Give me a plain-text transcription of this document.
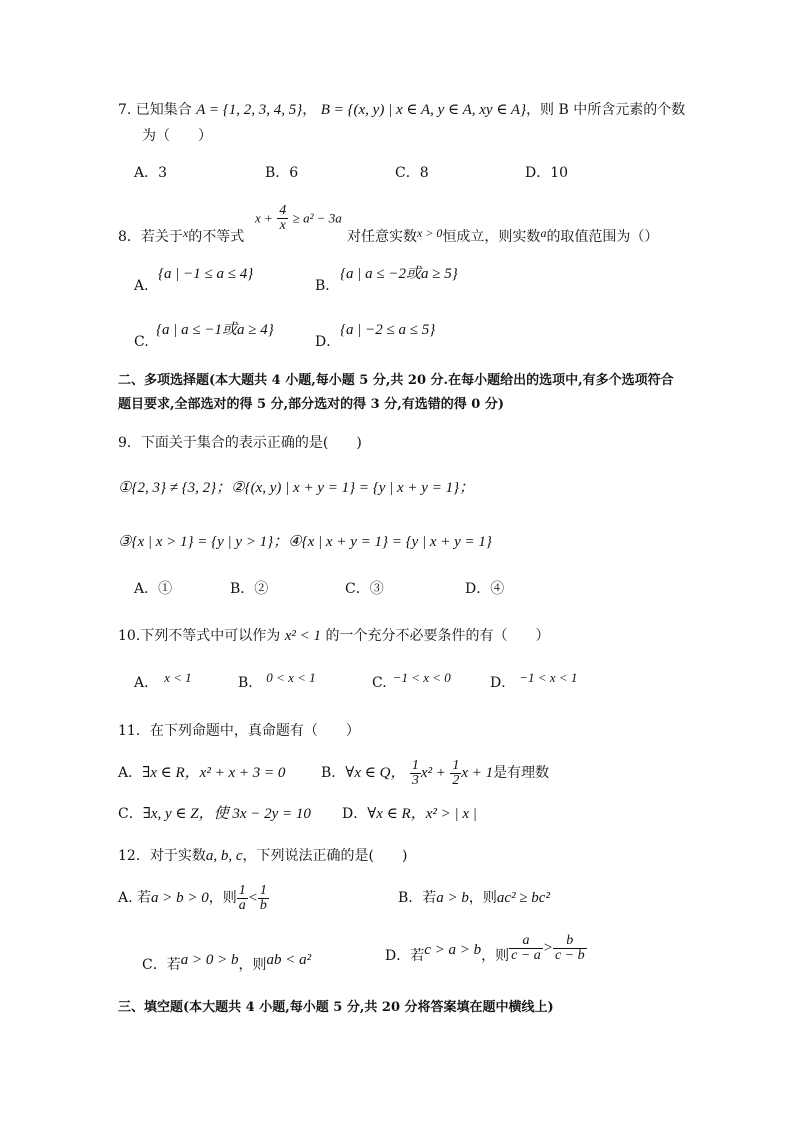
7. 已知集合 A = {1, 2, 3, 4, 5}， B = {(x, y) | x ∈ A, y ∈ A, xy ∈ A}，则 B 中所含元素的个数
为（　　）
A．3	B．6	C．8	D．10
8．若关于x的不等式
$x + \frac{4}{x} \ge a^2 - 3a$
对任意实数x > 0恒成立，则实数a的取值范围为（）
A．
{a | −1 ≤ a ≤ 4}
B．
{a | a ≤ −2或a ≥ 5}
C.
{a | a ≤ −1或a ≥ 4}
D．
{a | −2 ≤ a ≤ 5}
二、多项选择题(本大题共 4 小题,每小题 5 分,共 20 分.在每小题给出的选项中,有多个选项符合
题目要求,全部选对的得 5 分,部分选对的得 3 分,有选错的得 0 分)
9．下面关于集合的表示正确的是(　　)
①{2, 3} ≠ {3, 2}；②{(x, y) | x + y = 1} = {y | x + y = 1}；
③{x | x > 1} = {y | y > 1}；④{x | x + y = 1} = {y | x + y = 1}
A．①	B．②	C．③	D．④
10.下列不等式中可以作为 x² < 1 的一个充分不必要条件的有（　　）
A． x < 1	B． 0 < x < 1	C. −1 < x < 0	D． −1 < x < 1
11．在下列命题中，真命题有（　　）
A．∃x ∈ R，x² + x + 3 = 0	B．∀x ∈ Q， $\frac{1}{3} x^2 + \frac{1}{2}$ x + 1是有理数
C．∃x, y ∈ Z，使 3x − 2y = 10 D．∀x ∈ R，x² > | x |
12．对于实数a, b, c，下列说法正确的是(　　)
A. 若a > b > 0，则 $\frac{1}{a} < \frac{1}{b}$	B．若a > b，则ac² ≥ bc²
C．若a > 0 > b，则ab < a²	D．若c > a > b，则 $\frac{a}{c - a} > \frac{b}{c - b}$
三、填空题(本大题共 4 小题,每小题 5 分,共 20 分将答案填在题中横线上)
